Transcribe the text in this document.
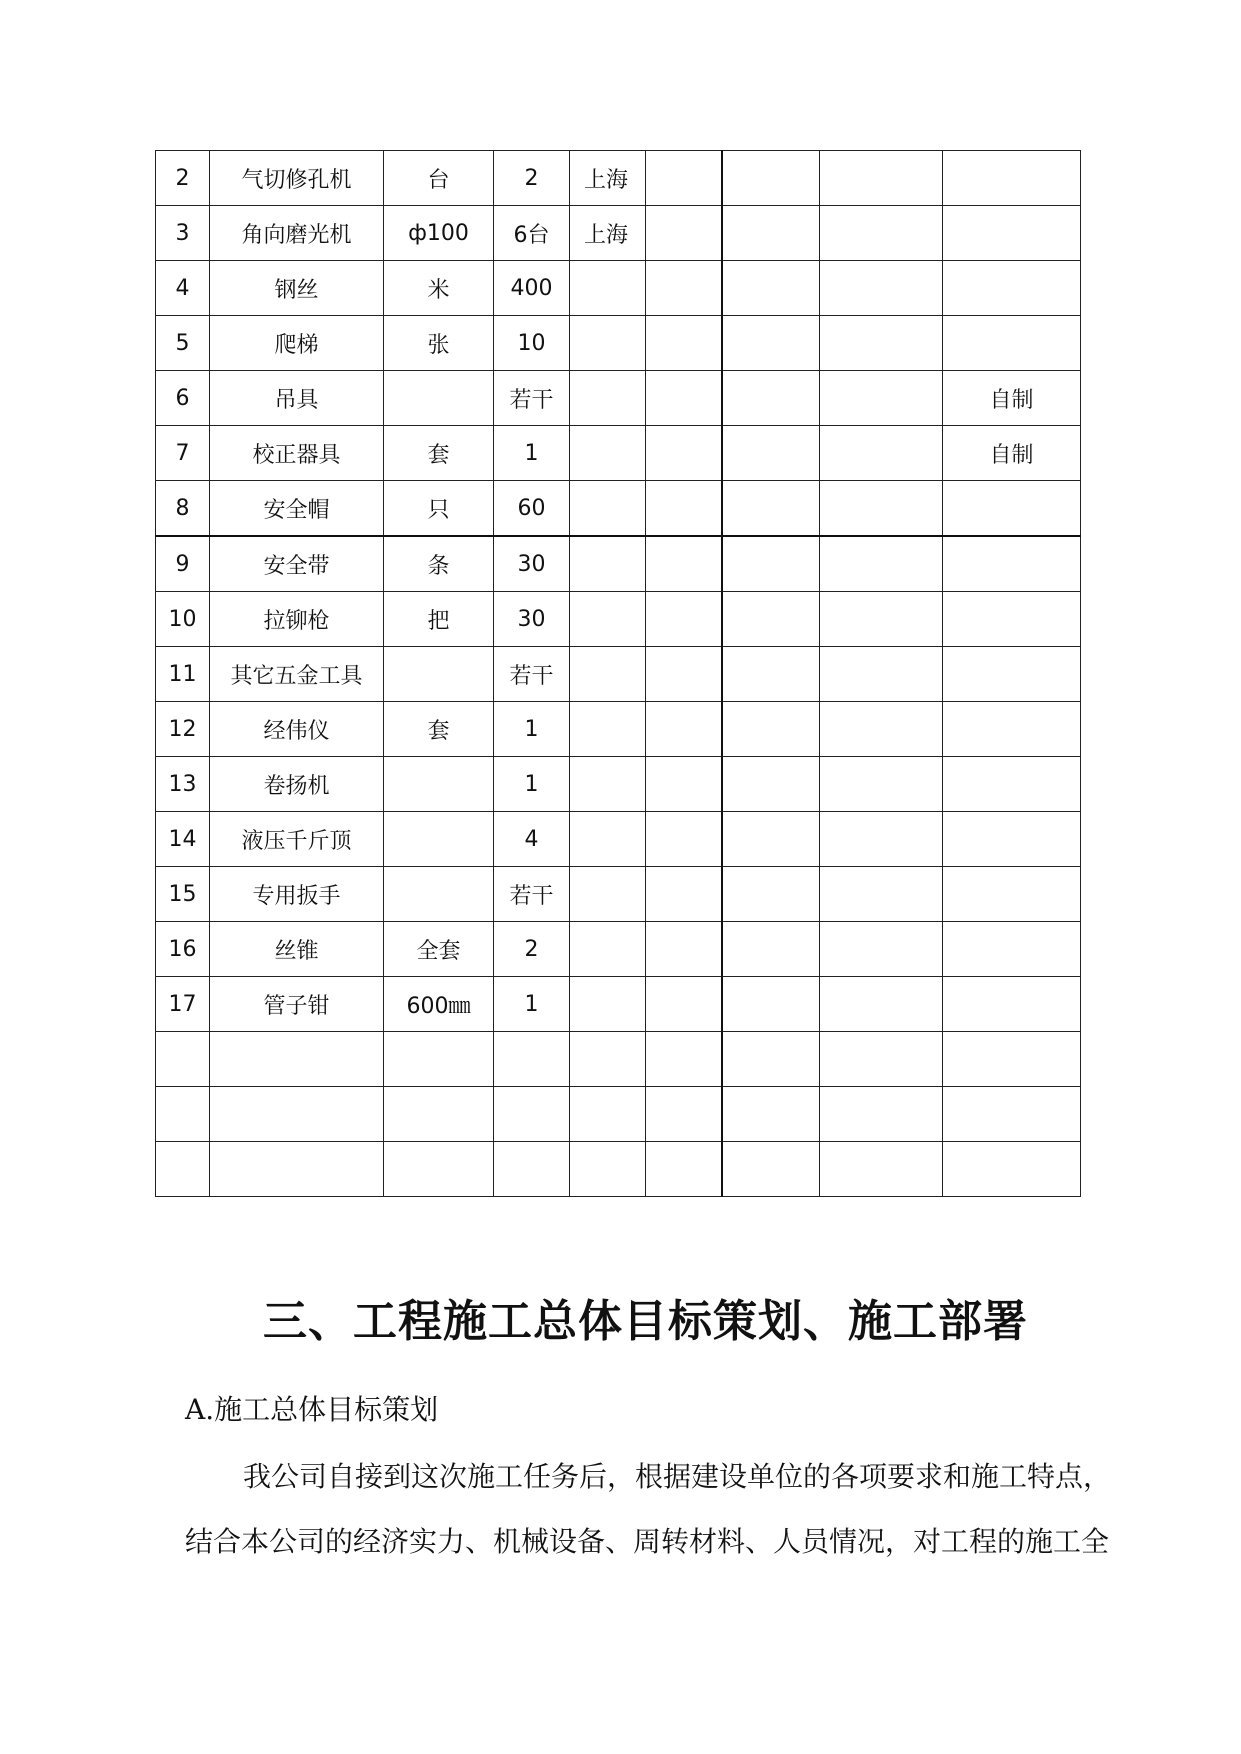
2	气切修孔机	台	2	上海				
3	角向磨光机	ф100	6台	上海				
4	钢丝	米	400					
5	爬梯	张	10					
6	吊具		若干					自制
7	校正器具	套	1					自制
8	安全帽	只	60					
9	安全带	条	30					
10	拉铆枪	把	30					
11	其它五金工具		若干					
12	经伟仪	套	1					
13	卷扬机		1					
14	液压千斤顶		4					
15	专用扳手		若干					
16	丝锥	全套	2					
17	管子钳	600㎜	1					

三、工程施工总体目标策划、施工部署
A.施工总体目标策划
我公司自接到这次施工任务后，根据建设单位的各项要求和施工特点，
结合本公司的经济实力、机械设备、周转材料、人员情况，对工程的施工全
